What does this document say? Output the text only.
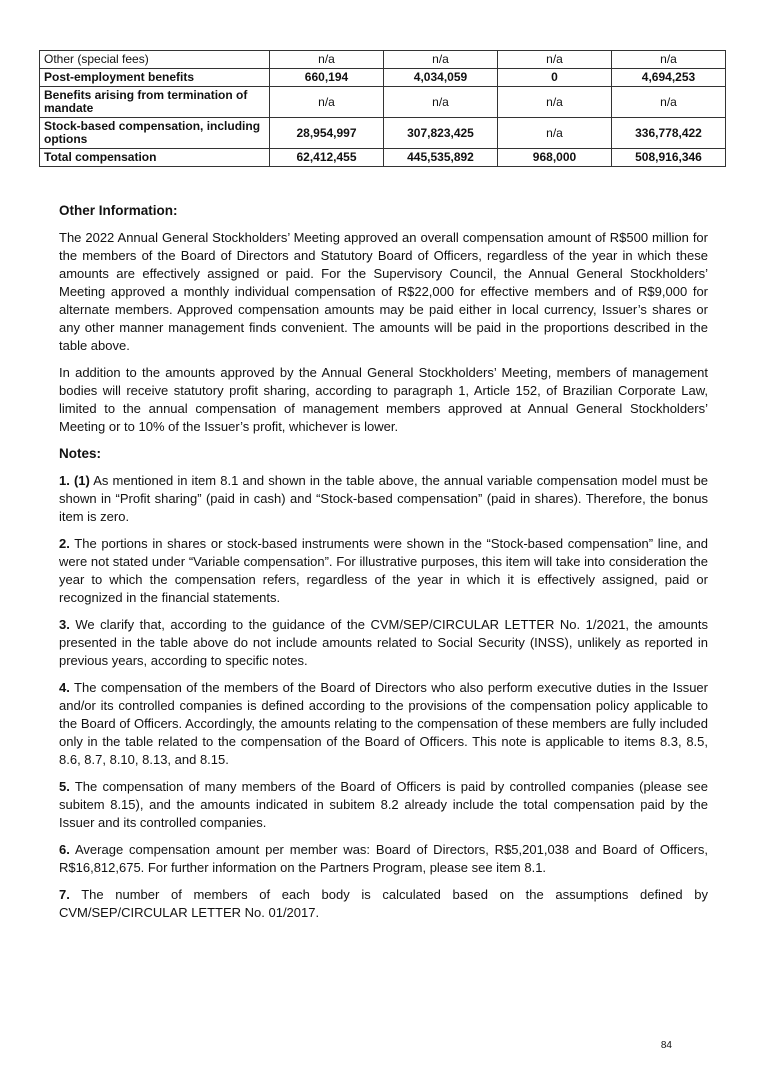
Other (special fees)	n/a	n/a	n/a	n/a
Post-employment benefits	660,194	4,034,059	0	4,694,253
Benefits arising from termination of mandate	n/a	n/a	n/a	n/a
Stock-based compensation, including options	28,954,997	307,823,425	n/a	336,778,422
Total compensation	62,412,455	445,535,892	968,000	508,916,346
Other Information:

The 2022 Annual General Stockholders’ Meeting approved an overall compensation amount of R$500 million for the members of the Board of Directors and Statutory Board of Officers, regardless of the year in which these amounts are effectively assigned or paid. For the Supervisory Council, the Annual General Stockholders’ Meeting approved a monthly individual compensation of R$22,000 for effective members and of R$9,000 for alternate members. Approved compensation amounts may be paid either in local currency, Issuer’s shares or any other manner management finds convenient. The amounts will be paid in the proportions described in the table above.

In addition to the amounts approved by the Annual General Stockholders’ Meeting, members of management bodies will receive statutory profit sharing, according to paragraph 1, Article 152, of Brazilian Corporate Law, limited to the annual compensation of management members approved at Annual General Stockholders’ Meeting or to 10% of the Issuer’s profit, whichever is lower.

Notes:

1. (1) As mentioned in item 8.1 and shown in the table above, the annual variable compensation model must be shown in “Profit sharing” (paid in cash) and “Stock-based compensation” (paid in shares). Therefore, the bonus item is zero.

2. The portions in shares or stock-based instruments were shown in the “Stock-based compensation” line, and were not stated under “Variable compensation”. For illustrative purposes, this item will take into consideration the year to which the compensation refers, regardless of the year in which it is effectively assigned, paid or recognized in the financial statements.

3. We clarify that, according to the guidance of the CVM/SEP/CIRCULAR LETTER No. 1/2021, the amounts presented in the table above do not include amounts related to Social Security (INSS), unlikely as reported in previous years, according to specific notes.

4. The compensation of the members of the Board of Directors who also perform executive duties in the Issuer and/or its controlled companies is defined according to the provisions of the compensation policy applicable to the Board of Officers. Accordingly, the amounts relating to the compensation of these members are fully included only in the table related to the compensation of the Board of Officers. This note is applicable to items 8.3, 8.5, 8.6, 8.7, 8.10, 8.13, and 8.15.

5. The compensation of many members of the Board of Officers is paid by controlled companies (please see subitem 8.15), and the amounts indicated in subitem 8.2 already include the total compensation paid by the Issuer and its controlled companies.

6. Average compensation amount per member was: Board of Directors, R$5,201,038 and Board of Officers, R$16,812,675. For further information on the Partners Program, please see item 8.1.

7. The number of members of each body is calculated based on the assumptions defined by CVM/SEP/CIRCULAR LETTER No. 01/2017.

84
